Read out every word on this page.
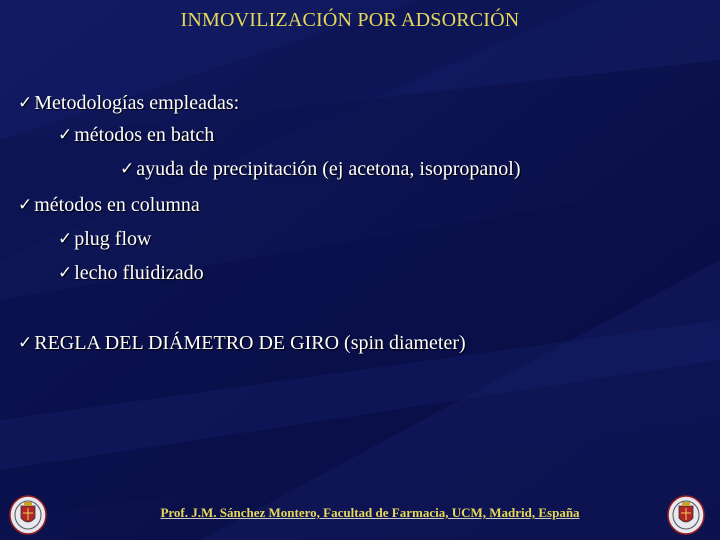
INMOVILIZACIÓN POR ADSORCIÓN
✓ Metodologías empleadas:
✓ métodos en batch
✓ ayuda de precipitación (ej acetona, isopropanol)
✓ métodos en columna
✓ plug flow
✓ lecho fluidizado
✓ REGLA DEL DIÁMETRO DE GIRO (spin diameter)
Prof. J.M. Sánchez Montero, Facultad de Farmacia, UCM, Madrid, España
